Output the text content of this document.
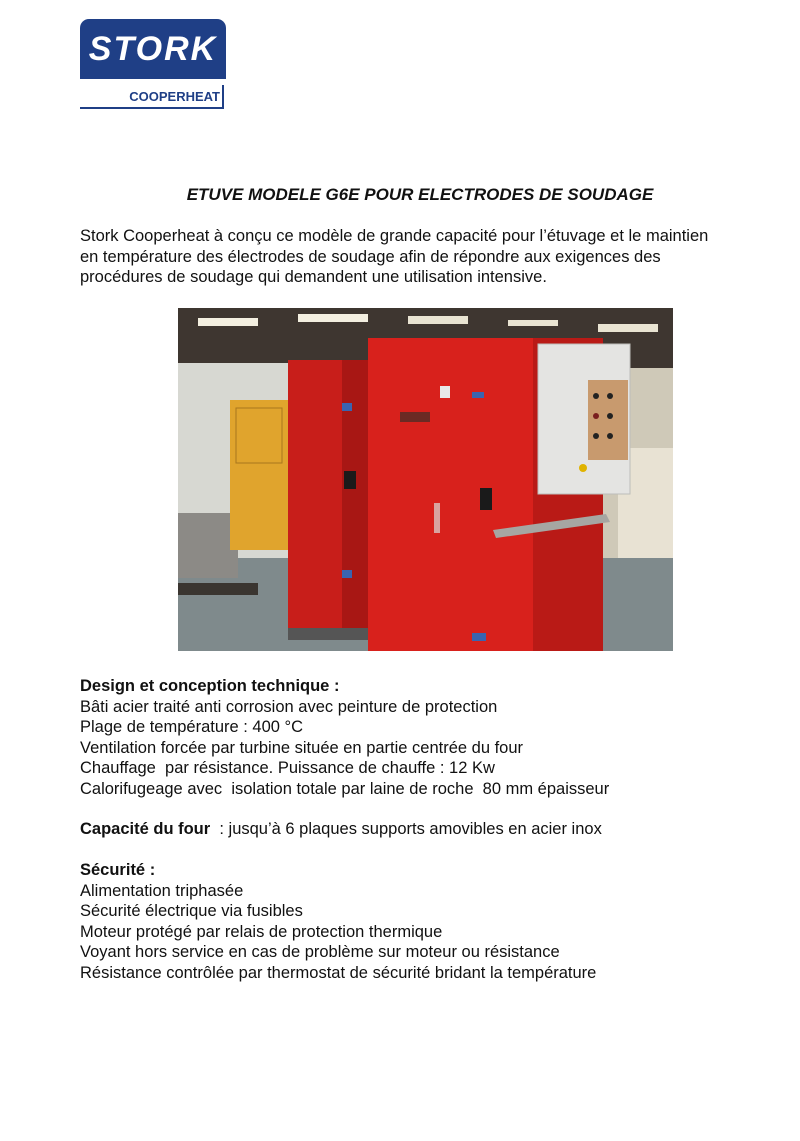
STORK
COOPERHEAT
ETUVE MODELE G6E POUR ELECTRODES DE SOUDAGE
Stork Cooperheat à conçu ce modèle de grande capacité pour l’étuvage et le maintien
en température des électrodes de soudage afin de répondre aux exigences des
procédures de soudage qui demandent une utilisation intensive.
Design et conception technique :
Bâti acier traité anti corrosion avec peinture de protection
Plage de température : 400 °C
Ventilation forcée par turbine située en partie centrée du four
Chauffage  par résistance. Puissance de chauffe : 12 Kw
Calorifugeage avec  isolation totale par laine de roche  80 mm épaisseur
Capacité du four  : jusqu’à 6 plaques supports amovibles en acier inox
Sécurité :
Alimentation triphasée
Sécurité électrique via fusibles
Moteur protégé par relais de protection thermique
Voyant hors service en cas de problème sur moteur ou résistance
Résistance contrôlée par thermostat de sécurité bridant la température
